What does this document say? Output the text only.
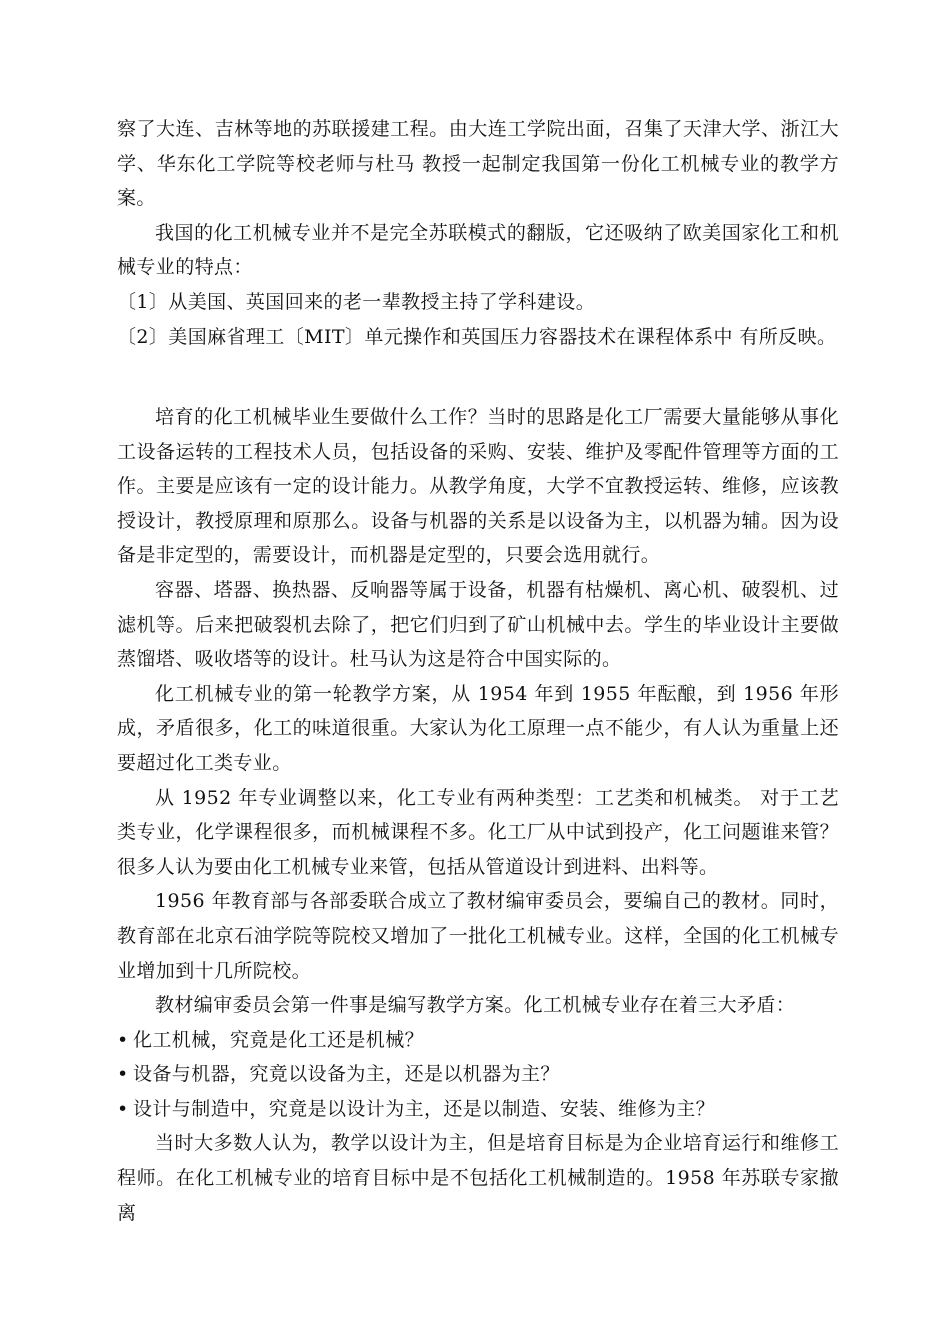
察了大连、吉林等地的苏联援建工程。由大连工学院出面，召集了天津大学、浙江大学、华东化工学院等校老师与杜马 教授一起制定我国第一份化工机械专业的教学方案。

我国的化工机械专业并不是完全苏联模式的翻版，它还吸纳了欧美国家化工和机械专业的特点：

〔1〕从美国、英国回来的老一辈教授主持了学科建设。

〔2〕美国麻省理工〔MIT〕单元操作和英国压力容器技术在课程体系中 有所反映。

培育的化工机械毕业生要做什么工作？当时的思路是化工厂需要大量能够从事化工设备运转的工程技术人员，包括设备的采购、安装、维护及零配件管理等方面的工作。主要是应该有一定的设计能力。从教学角度，大学不宜教授运转、维修，应该教授设计，教授原理和原那么。设备与机器的关系是以设备为主，以机器为辅。因为设备是非定型的，需要设计，而机器是定型的，只要会选用就行。

容器、塔器、换热器、反响器等属于设备，机器有枯燥机、离心机、破裂机、过滤机等。后来把破裂机去除了，把它们归到了矿山机械中去。学生的毕业设计主要做蒸馏塔、吸收塔等的设计。杜马认为这是符合中国实际的。

化工机械专业的第一轮教学方案，从 1954 年到 1955 年酝酿，到 1956 年形成，矛盾很多，化工的味道很重。大家认为化工原理一点不能少，有人认为重量上还要超过化工类专业。

从 1952 年专业调整以来，化工专业有两种类型：工艺类和机械类。 对于工艺类专业，化学课程很多，而机械课程不多。化工厂从中试到投产，化工问题谁来管？很多人认为要由化工机械专业来管，包括从管道设计到进料、出料等。

1956 年教育部与各部委联合成立了教材编审委员会，要编自己的教材。同时，教育部在北京石油学院等院校又增加了一批化工机械专业。这样，全国的化工机械专业增加到十几所院校。

教材编审委员会第一件事是编写教学方案。化工机械专业存在着三大矛盾：

• 化工机械，究竟是化工还是机械？

• 设备与机器，究竟以设备为主，还是以机器为主？

• 设计与制造中，究竟是以设计为主，还是以制造、安装、维修为主？

当时大多数人认为，教学以设计为主，但是培育目标是为企业培育运行和维修工程师。在化工机械专业的培育目标中是不包括化工机械制造的。1958 年苏联专家撤离
